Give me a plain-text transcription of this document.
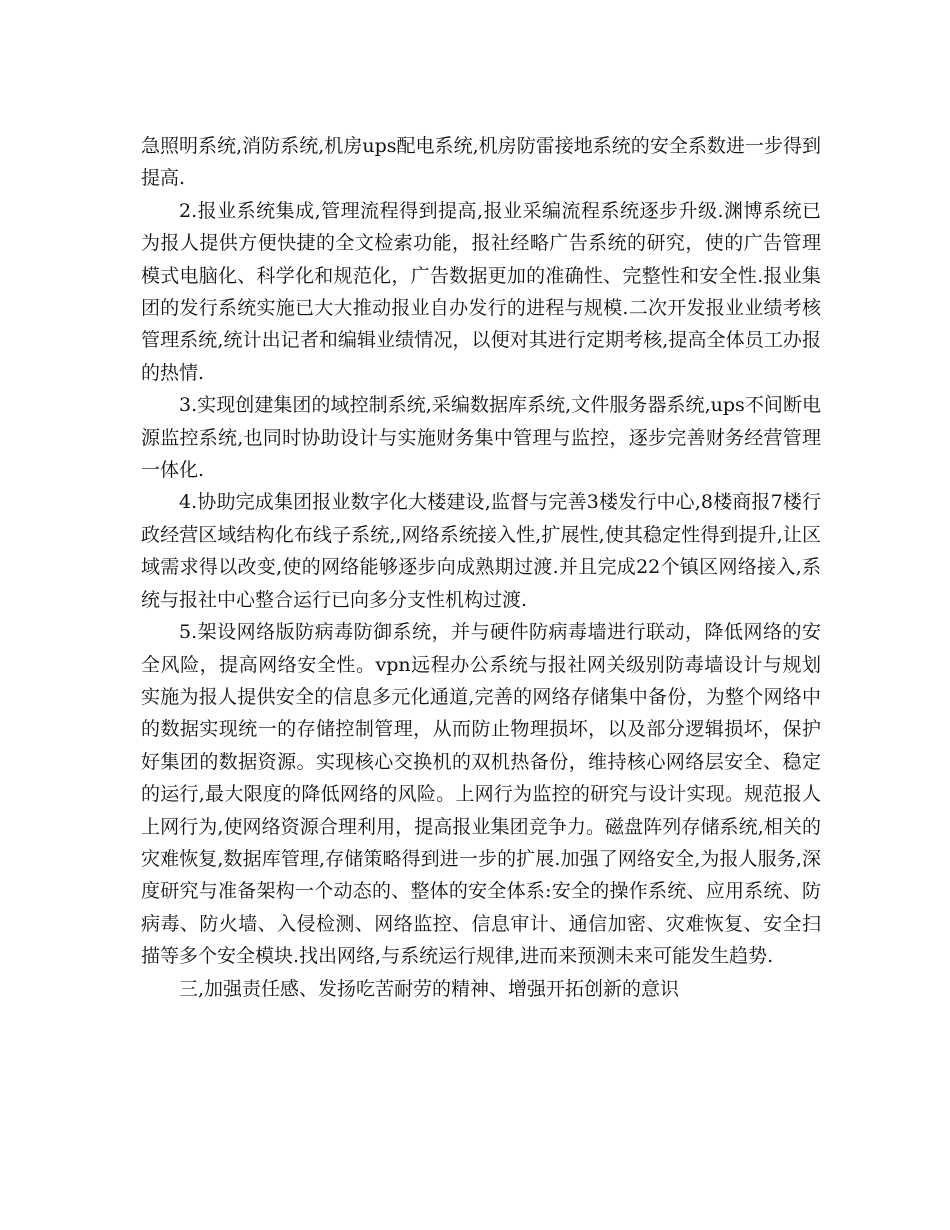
急照明系统,消防系统,机房ups配电系统,机房防雷接地系统的安全系数进一步得到提高.

2.报业系统集成,管理流程得到提高,报业采编流程系统逐步升级.渊博系统已为报人提供方便快捷的全文检索功能，报社经略广告系统的研究，使的广告管理模式电脑化、科学化和规范化，广告数据更加的准确性、完整性和安全性.报业集团的发行系统实施已大大推动报业自办发行的进程与规模.二次开发报业业绩考核管理系统,统计出记者和编辑业绩情况，以便对其进行定期考核,提高全体员工办报的热情.

3.实现创建集团的域控制系统,采编数据库系统,文件服务器系统,ups不间断电源监控系统,也同时协助设计与实施财务集中管理与监控，逐步完善财务经营管理一体化.

4.协助完成集团报业数字化大楼建设,监督与完善3楼发行中心,8楼商报7楼行政经营区域结构化布线子系统,,网络系统接入性,扩展性,使其稳定性得到提升,让区域需求得以改变,使的网络能够逐步向成熟期过渡.并且完成22个镇区网络接入,系统与报社中心整合运行已向多分支性机构过渡.

5.架设网络版防病毒防御系统，并与硬件防病毒墙进行联动，降低网络的安全风险，提高网络安全性。vpn远程办公系统与报社网关级别防毒墙设计与规划实施为报人提供安全的信息多元化通道,完善的网络存储集中备份，为整个网络中的数据实现统一的存储控制管理，从而防止物理损坏，以及部分逻辑损坏，保护好集团的数据资源。实现核心交换机的双机热备份，维持核心网络层安全、稳定的运行,最大限度的降低网络的风险。上网行为监控的研究与设计实现。规范报人上网行为,使网络资源合理利用，提高报业集团竞争力。磁盘阵列存储系统,相关的灾难恢复,数据库管理,存储策略得到进一步的扩展.加强了网络安全,为报人服务,深度研究与准备架构一个动态的、整体的安全体系:安全的操作系统、应用系统、防病毒、防火墙、入侵检测、网络监控、信息审计、通信加密、灾难恢复、安全扫描等多个安全模块.找出网络,与系统运行规律,进而来预测未来可能发生趋势.

三,加强责任感、发扬吃苦耐劳的精神、增强开拓创新的意识
